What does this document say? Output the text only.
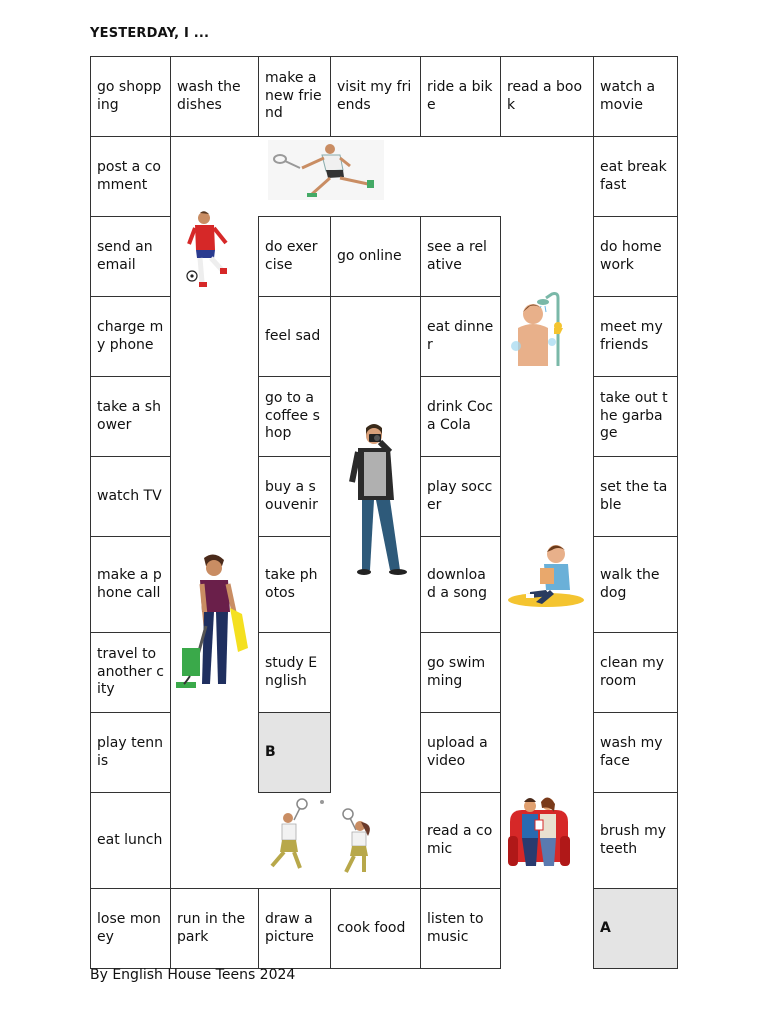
YESTERDAY, I ...
go shopping
wash the dishes
make a new friend
visit my friends
ride a bike
read a book
watch a movie
post a comment
send an email
charge my phone
take a shower
watch TV
make a phone call
travel to another city
play tennis
eat lunch
lose money
run in the park
do exercise
go online
feel sad
go to a coffee shop
buy a souvenir
take photos
study English
B
draw a picture
cook food
see a relative
eat dinner
drink Coca Cola
play soccer
download a song
go swimming
upload a video
read a comic
listen to music
eat breakfast
do homework
meet my friends
take out the garbage
set the table
walk the dog
clean my room
wash my face
brush my teeth
A
By English House Teens 2024
